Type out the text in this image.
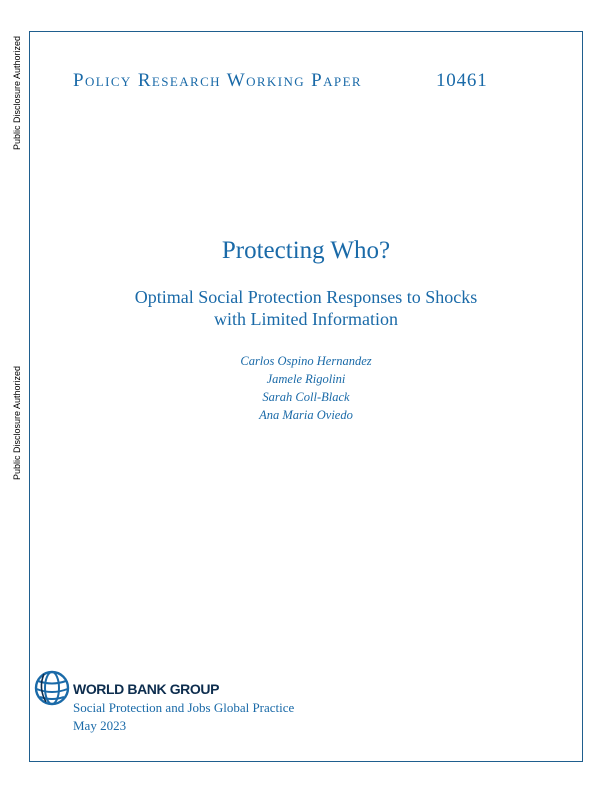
Public Disclosure Authorized
Public Disclosure Authorized
Policy Research Working Paper	10461
Protecting Who?
Optimal Social Protection Responses to Shocks
with Limited Information
Carlos Ospino Hernandez
Jamele Rigolini
Sarah Coll-Black
Ana Maria Oviedo
WORLD BANK GROUP
Social Protection and Jobs Global Practice
May 2023
